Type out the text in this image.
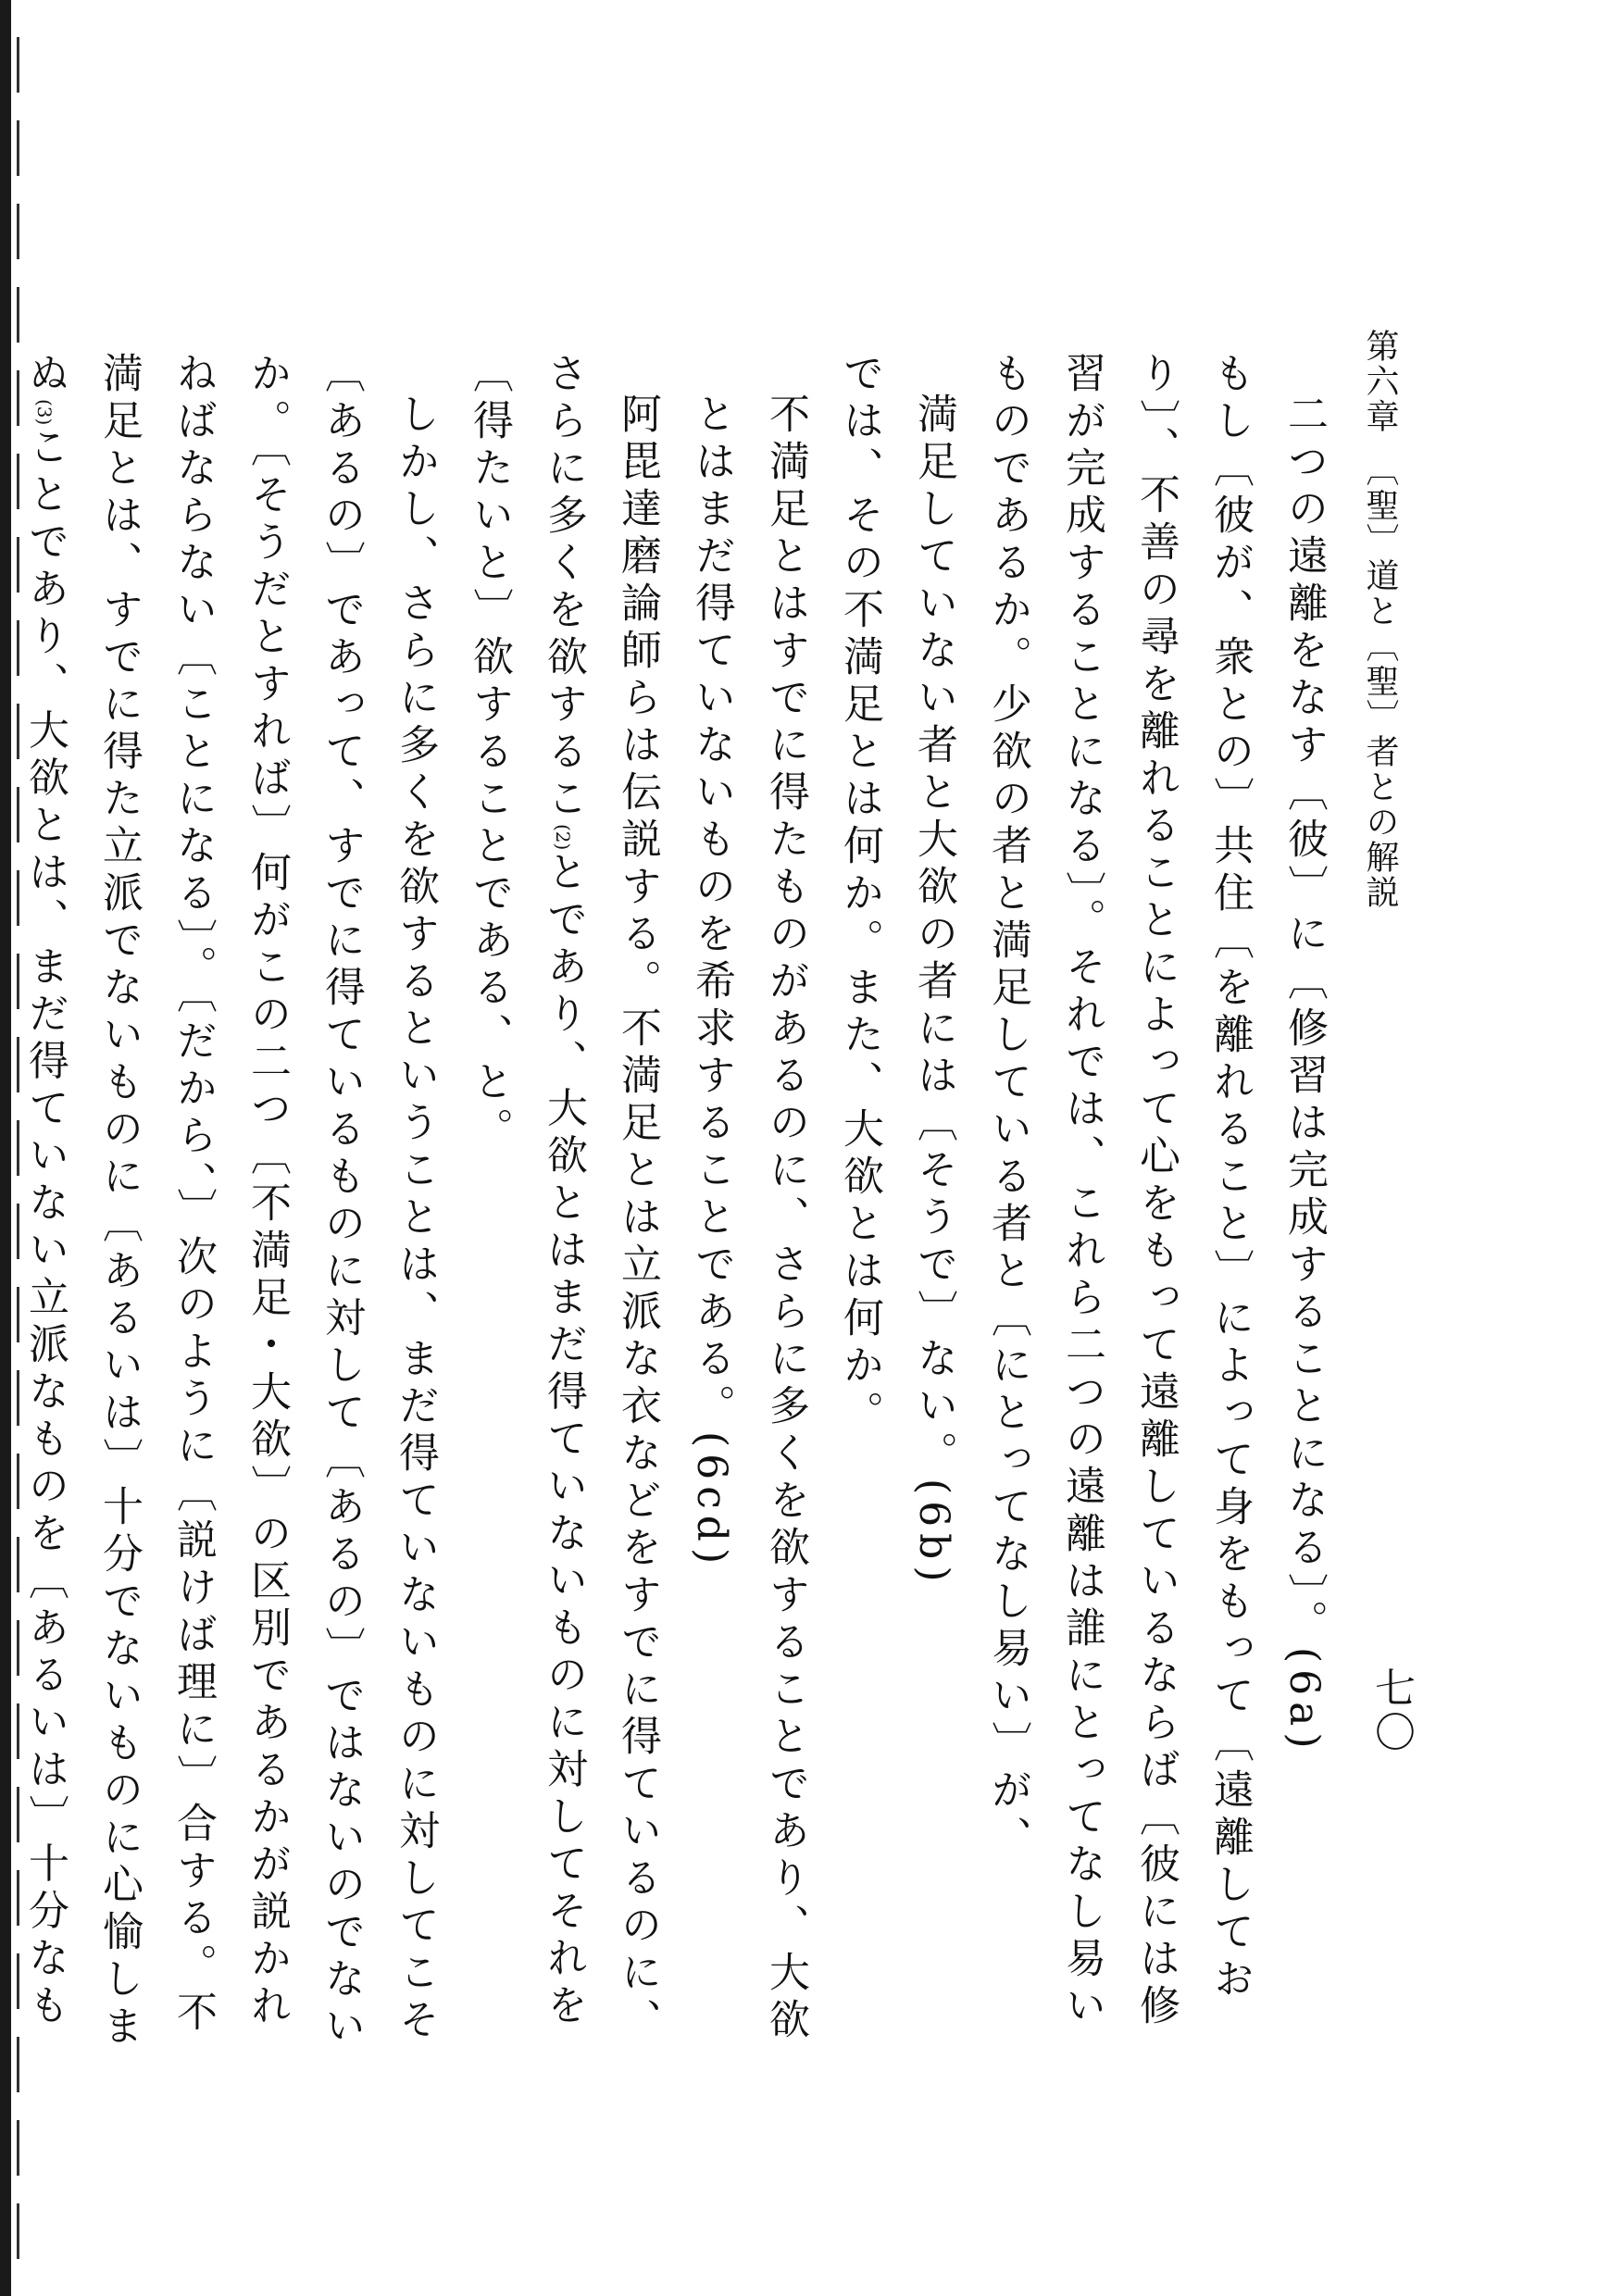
第六章　〔聖〕道と〔聖〕者との解説
七〇

二つの遠離をなす〔彼〕に〔修習は完成することになる〕。(6a)

もし〔彼が、衆との〕共住〔を離れること〕によって身をもって〔遠離しており〕、不善の尋を離れることによって心をもって遠離しているならば〔彼には修習が完成することになる〕。それでは、これら二つの遠離は誰にとってなし易いものであるか。少欲の者と満足している者と〔にとってなし易い〕が、

満足していない者と大欲の者には〔そうで〕ない。(6b)

では、その不満足とは何か。また、大欲とは何か。

不満足とはすでに得たものがあるのに、さらに多くを欲することであり、大欲とはまだ得ていないものを希求することである。(6cd)

阿毘達磨論師らは伝説する。不満足とは立派な衣などをすでに得ているのに、さらに多くを欲するこ(2)とであり、大欲とはまだ得ていないものに対してそれを〔得たいと〕欲することである、と。

しかし、さらに多くを欲するということは、まだ得ていないものに対してこそ〔あるの〕であって、すでに得ているものに対して〔あるの〕ではないのでないか。〔そうだとすれば〕何がこの二つ〔不満足・大欲〕の区別であるかが説かれねばならない〔ことになる〕。〔だから、〕次のように〔説けば理に〕合する。不満足とは、すでに得た立派でないものに〔あるいは〕十分でないものに心愉しまぬ(3)ことであり、大欲とは、まだ得ていない立派なものを〔あるいは〕十分なも
